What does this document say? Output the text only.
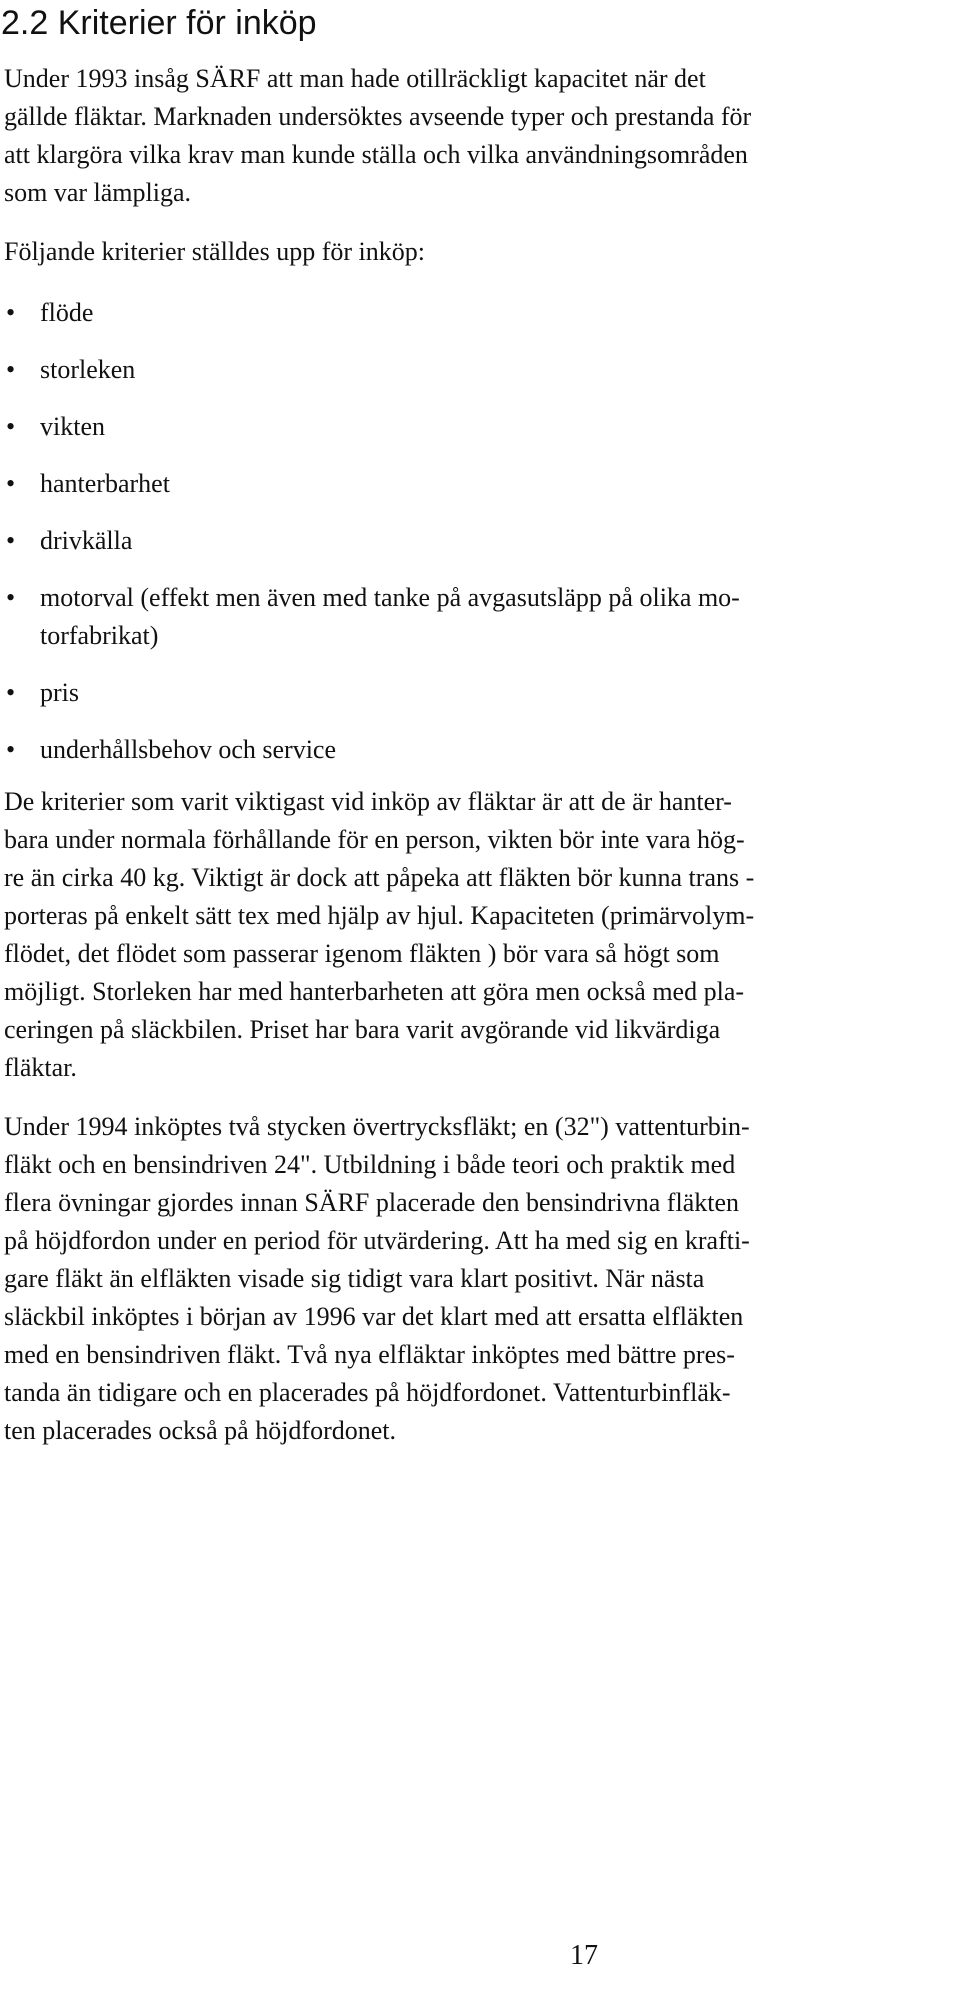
2.2 Kriterier för inköp
Under 1993 insåg SÄRF att man hade otillräckligt kapacitet när det
gällde fläktar. Marknaden undersöktes avseende typer och prestanda för
att klargöra vilka krav man kunde ställa och vilka användningsområden
som var lämpliga.
Följande kriterier ställdes upp för inköp:
• flöde
• storleken
• vikten
• hanterbarhet
• drivkälla
• motorval (effekt men även med tanke på avgasutsläpp på olika mo-
torfabrikat)
• pris
• underhållsbehov och service
De kriterier som varit viktigast vid inköp av fläktar är att de är hanter-
bara under normala förhållande för en person, vikten bör inte vara hög-
re än cirka 40 kg. Viktigt är dock att påpeka att fläkten bör kunna trans -
porteras på enkelt sätt tex med hjälp av hjul. Kapaciteten (primärvolym-
flödet, det flödet som passerar igenom fläkten ) bör vara så högt som
möjligt. Storleken har med hanterbarheten att göra men också med pla-
ceringen på släckbilen. Priset har bara varit avgörande vid likvärdiga
fläktar.
Under 1994 inköptes två stycken övertrycksfläkt; en (32") vattenturbin-
fläkt och en bensindriven 24". Utbildning i både teori och praktik med
flera övningar gjordes innan SÄRF placerade den bensindrivna fläkten
på höjdfordon under en period för utvärdering. Att ha med sig en krafti-
gare fläkt än elfläkten visade sig tidigt vara klart positivt. När nästa
släckbil inköptes i början av 1996 var det klart med att ersatta elfläkten
med en bensindriven fläkt. Två nya elfläktar inköptes med bättre pres-
tanda än tidigare och en placerades på höjdfordonet. Vattenturbinfläk-
ten placerades också på höjdfordonet.
17
